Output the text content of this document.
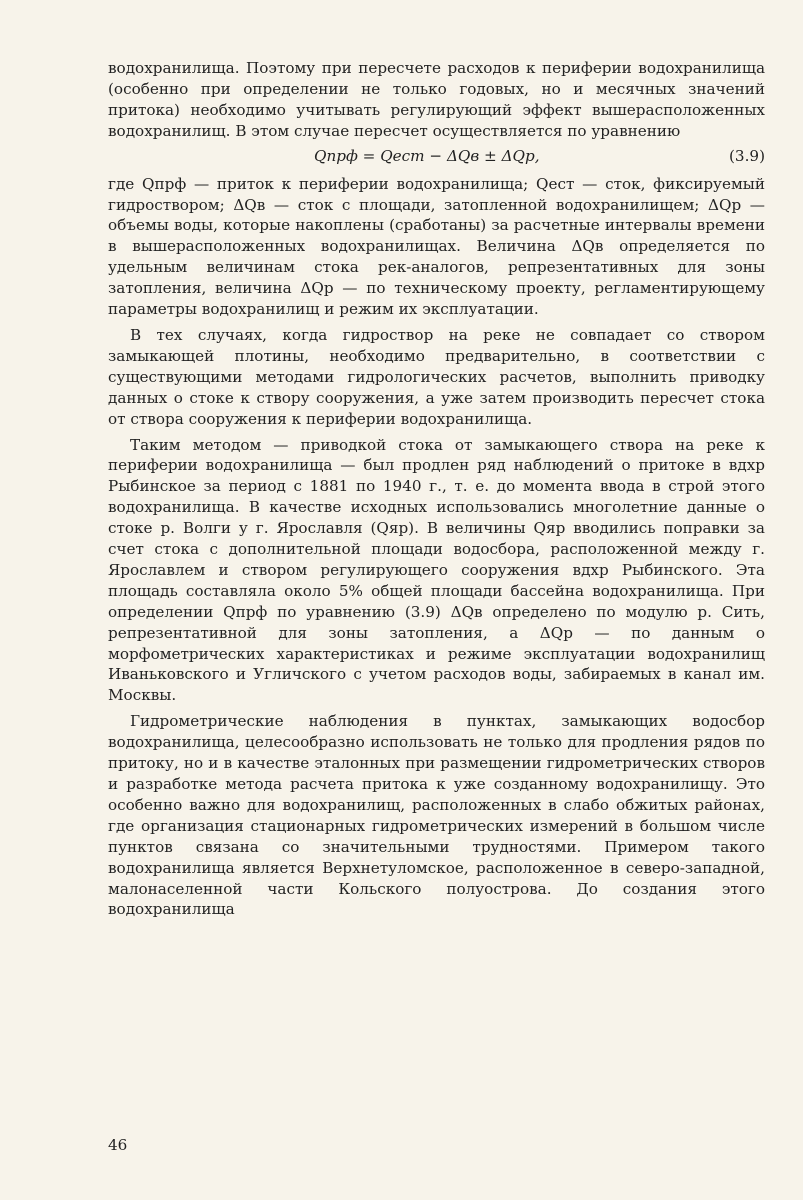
водохранилища. Поэтому при пересчете расходов к периферии водохранилища (особенно при определении не только годовых, но и месячных значений притока) необходимо учитывать регулирующий эффект вышерасположенных водохранилищ. В этом случае пересчет осуществляется по уравнению

Qпрф = Qест − ΔQв ± ΔQр,	(3.9)

где Qпрф — приток к периферии водохранилища; Qест — сток, фиксируемый гидроствором; ΔQв — сток с площади, затопленной водохранилищем; ΔQр — объемы воды, которые накоплены (сработаны) за расчетные интервалы времени в вышерасположенных водохранилищах. Величина ΔQв определяется по удельным величинам стока рек-аналогов, репрезентативных для зоны затопления, величина ΔQр — по техническому проекту, регламентирующему параметры водохранилищ и режим их эксплуатации.

В тех случаях, когда гидроствор на реке не совпадает со створом замыкающей плотины, необходимо предварительно, в соответствии с существующими методами гидрологических расчетов, выполнить приводку данных о стоке к створу сооружения, а уже затем производить пересчет стока от створа сооружения к периферии водохранилища.

Таким методом — приводкой стока от замыкающего створа на реке к периферии водохранилища — был продлен ряд наблюдений о притоке в вдхр Рыбинское за период с 1881 по 1940 г., т. е. до момента ввода в строй этого водохранилища. В качестве исходных использовались многолетние данные о стоке р. Волги у г. Ярославля (Qяр). В величины Qяр вводились поправки за счет стока с дополнительной площади водосбора, расположенной между г. Ярославлем и створом регулирующего сооружения вдхр Рыбинского. Эта площадь составляла около 5% общей площади бассейна водохранилища. При определении Qпрф по уравнению (3.9) ΔQв определено по модулю р. Сить, репрезентативной для зоны затопления, а ΔQр — по данным о морфометрических характеристиках и режиме эксплуатации водохранилищ Иваньковского и Угличского с учетом расходов воды, забираемых в канал им. Москвы.

Гидрометрические наблюдения в пунктах, замыкающих водосбор водохранилища, целесообразно использовать не только для продления рядов по притоку, но и в качестве эталонных при размещении гидрометрических створов и разработке метода расчета притока к уже созданному водохранилищу. Это особенно важно для водохранилищ, расположенных в слабо обжитых районах, где организация стационарных гидрометрических измерений в большом числе пунктов связана со значительными трудностями. Примером такого водохранилища является Верхнетуломское, расположенное в северо-западной, малонаселенной части Кольского полуострова. До создания этого водохранилища

46
